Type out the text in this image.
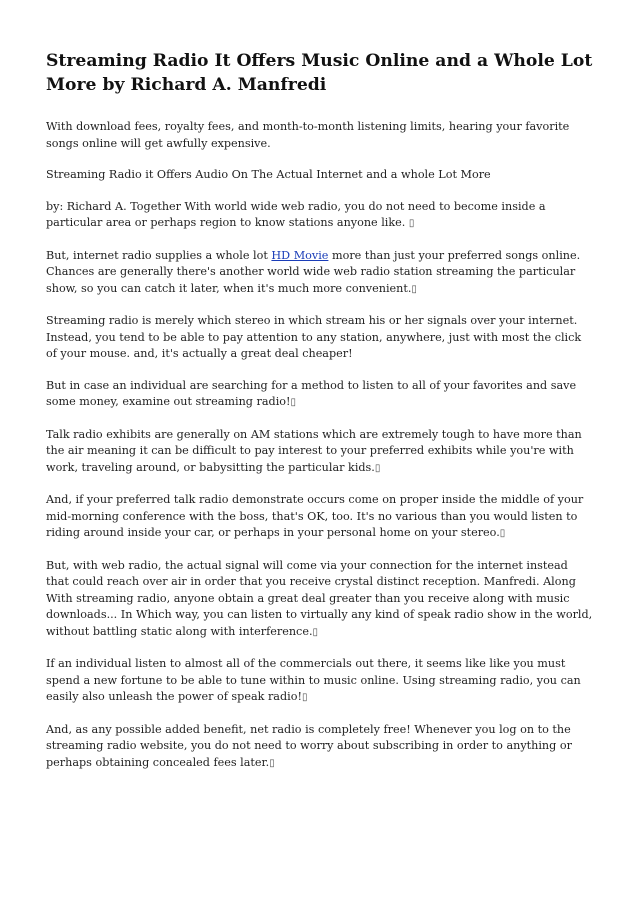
Streaming Radio It Offers Music Online and a Whole Lot More by Richard A. Manfredi

With download fees, royalty fees, and month-to-month listening limits, hearing your favorite songs online will get awfully expensive.

Streaming Radio it Offers Audio On The Actual Internet and a whole Lot More

by: Richard A. Together With world wide web radio, you do not need to become inside a particular area or perhaps region to know stations anyone like. ▯

But, internet radio supplies a whole lot HD Movie more than just your preferred songs online. Chances are generally there's another world wide web radio station streaming the particular show, so you can catch it later, when it's much more convenient.▯

Streaming radio is merely which stereo in which stream his or her signals over your internet. Instead, you tend to be able to pay attention to any station, anywhere, just with most the click of your mouse. and, it's actually a great deal cheaper!

But in case an individual are searching for a method to listen to all of your favorites and save some money, examine out streaming radio!▯

Talk radio exhibits are generally on AM stations which are extremely tough to have more than the air meaning it can be difficult to pay interest to your preferred exhibits while you're with work, traveling around, or babysitting the particular kids.▯

And, if your preferred talk radio demonstrate occurs come on proper inside the middle of your mid-morning conference with the boss, that's OK, too. It's no various than you would listen to riding around inside your car, or perhaps in your personal home on your stereo.▯

But, with web radio, the actual signal will come via your connection for the internet instead that could reach over air in order that you receive crystal distinct reception. Manfredi. Along With streaming radio, anyone obtain a great deal greater than you receive along with music downloads... In Which way, you can listen to virtually any kind of speak radio show in the world, without battling static along with interference.▯

If an individual listen to almost all of the commercials out there, it seems like like you must spend a new fortune to be able to tune within to music online. Using streaming radio, you can easily also unleash the power of speak radio!▯

And, as any possible added benefit, net radio is completely free! Whenever you log on to the streaming radio website, you do not need to worry about subscribing in order to anything or perhaps obtaining concealed fees later.▯
